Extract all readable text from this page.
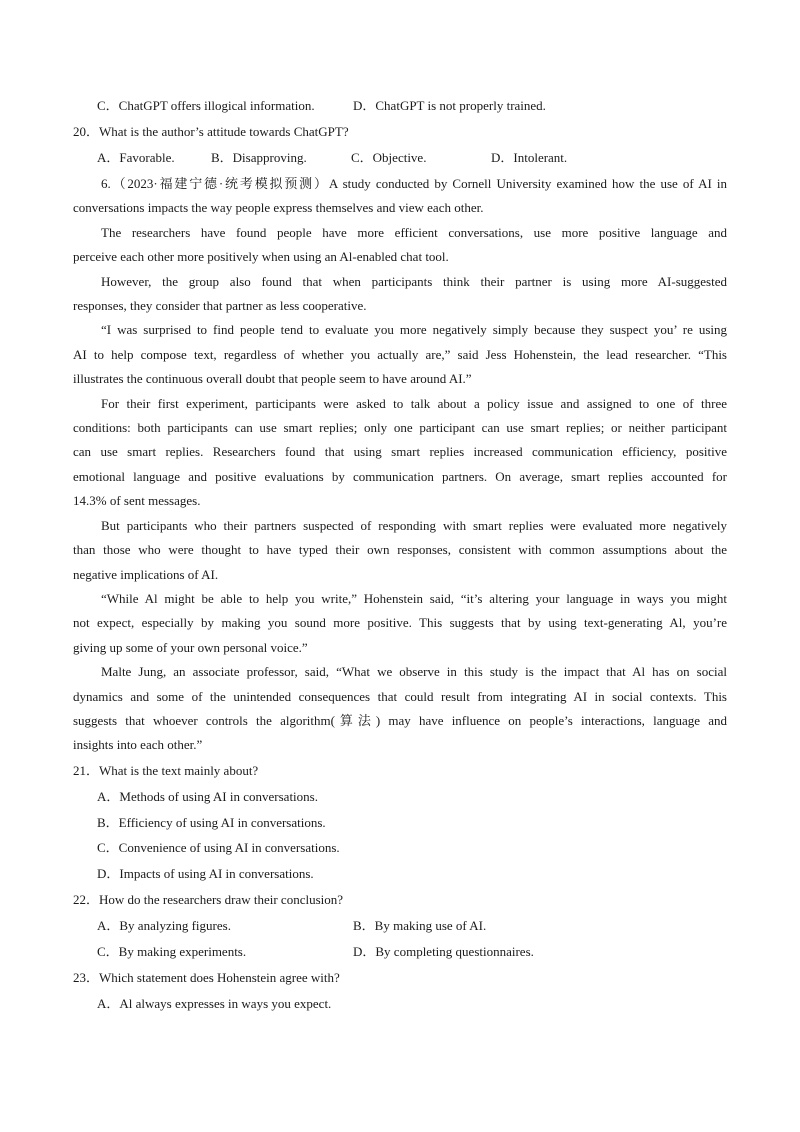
C．ChatGPT offers illogical information.	D．ChatGPT is not properly trained.
20．What is the author’s attitude towards ChatGPT?
A．Favorable.	B．Disapproving.	C．Objective.	D．Intolerant.
6.（2023·福建宁德·统考模拟预测）A study conducted by Cornell University examined how the use of AI in
conversations impacts the way people express themselves and view each other.
The researchers have found people have more efficient conversations, use more positive language and
perceive each other more positively when using an Al-enabled chat tool.
However, the group also found that when participants think their partner is using more AI-suggested
responses, they consider that partner as less cooperative.
“I was surprised to find people tend to evaluate you more negatively simply because they suspect you’ re using
AI to help compose text, regardless of whether you actually are,” said Jess Hohenstein, the lead researcher. “This
illustrates the continuous overall doubt that people seem to have around AI.”
For their first experiment, participants were asked to talk about a policy issue and assigned to one of three
conditions: both participants can use smart replies; only one participant can use smart replies; or neither participant
can use smart replies. Researchers found that using smart replies increased communication efficiency, positive
emotional language and positive evaluations by communication partners. On average, smart replies accounted for
14.3% of sent messages.
But participants who their partners suspected of responding with smart replies were evaluated more negatively
than those who were thought to have typed their own responses, consistent with common assumptions about the
negative implications of AI.
“While Al might be able to help you write,” Hohenstein said, “it’s altering your language in ways you might
not expect, especially by making you sound more positive. This suggests that by using text-generating Al, you’re
giving up some of your own personal voice.”
Malte Jung, an associate professor, said, “What we observe in this study is the impact that Al has on social
dynamics and some of the unintended consequences that could result from integrating AI in social contexts. This
suggests that whoever controls the algorithm(算法) may have influence on people’s interactions, language and
insights into each other.”
21．What is the text mainly about?
A．Methods of using AI in conversations.
B．Efficiency of using AI in conversations.
C．Convenience of using AI in conversations.
D．Impacts of using AI in conversations.
22．How do the researchers draw their conclusion?
A．By analyzing figures.	B．By making use of AI.
C．By making experiments.	D．By completing questionnaires.
23．Which statement does Hohenstein agree with?
A．Al always expresses in ways you expect.
